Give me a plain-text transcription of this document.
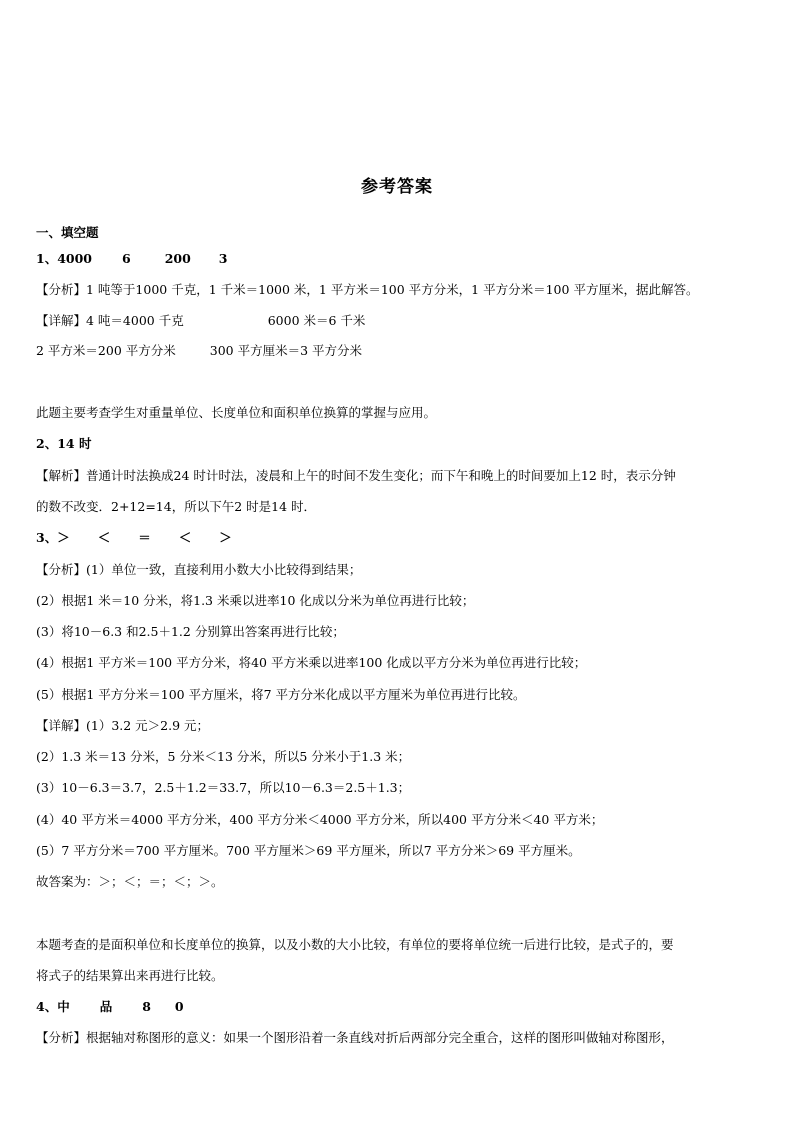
参考答案
一、填空题
1、4000 6	200 3
【分析】1 吨等于1000 千克，1 千米＝1000 米，1 平方米＝100 平方分米，1 平方分米＝100 平方厘米，据此解答。
【详解】4 吨＝4000 千克	6000 米＝6 千米
2 平方米＝200 平方分米	300 平方厘米＝3 平方分米
此题主要考查学生对重量单位、长度单位和面积单位换算的掌握与应用。
2、14 时
【解析】普通计时法换成24 时计时法，凌晨和上午的时间不发生变化；而下午和晚上的时间要加上12 时，表示分钟
的数不改变．2+12=14，所以下午2 时是14 时．
3、＞ ＜ ＝ ＜ ＞
【分析】(1）单位一致，直接利用小数大小比较得到结果；
(2）根据1 米＝10 分米，将1.3 米乘以进率10 化成以分米为单位再进行比较；
(3）将10－6.3 和2.5＋1.2 分别算出答案再进行比较；
(4）根据1 平方米＝100 平方分米，将40 平方米乘以进率100 化成以平方分米为单位再进行比较；
(5）根据1 平方分米＝100 平方厘米，将7 平方分米化成以平方厘米为单位再进行比较。
【详解】(1）3.2 元＞2.9 元；
(2）1.3 米＝13 分米，5 分米＜13 分米，所以5 分米小于1.3 米；
(3）10－6.3＝3.7，2.5＋1.2＝33.7，所以10－6.3＝2.5＋1.3；
(4）40 平方米＝4000 平方分米，400 平方分米＜4000 平方分米，所以400 平方分米＜40 平方米；
(5）7 平方分米＝700 平方厘米。700 平方厘米＞69 平方厘米，所以7 平方分米＞69 平方厘米。
故答案为：＞；＜；＝；＜；＞。
本题考查的是面积单位和长度单位的换算，以及小数的大小比较，有单位的要将单位统一后进行比较，是式子的，要
将式子的结果算出来再进行比较。
4、中 品 8 0
【分析】根据轴对称图形的意义：如果一个图形沿着一条直线对折后两部分完全重合，这样的图形叫做轴对称图形，
